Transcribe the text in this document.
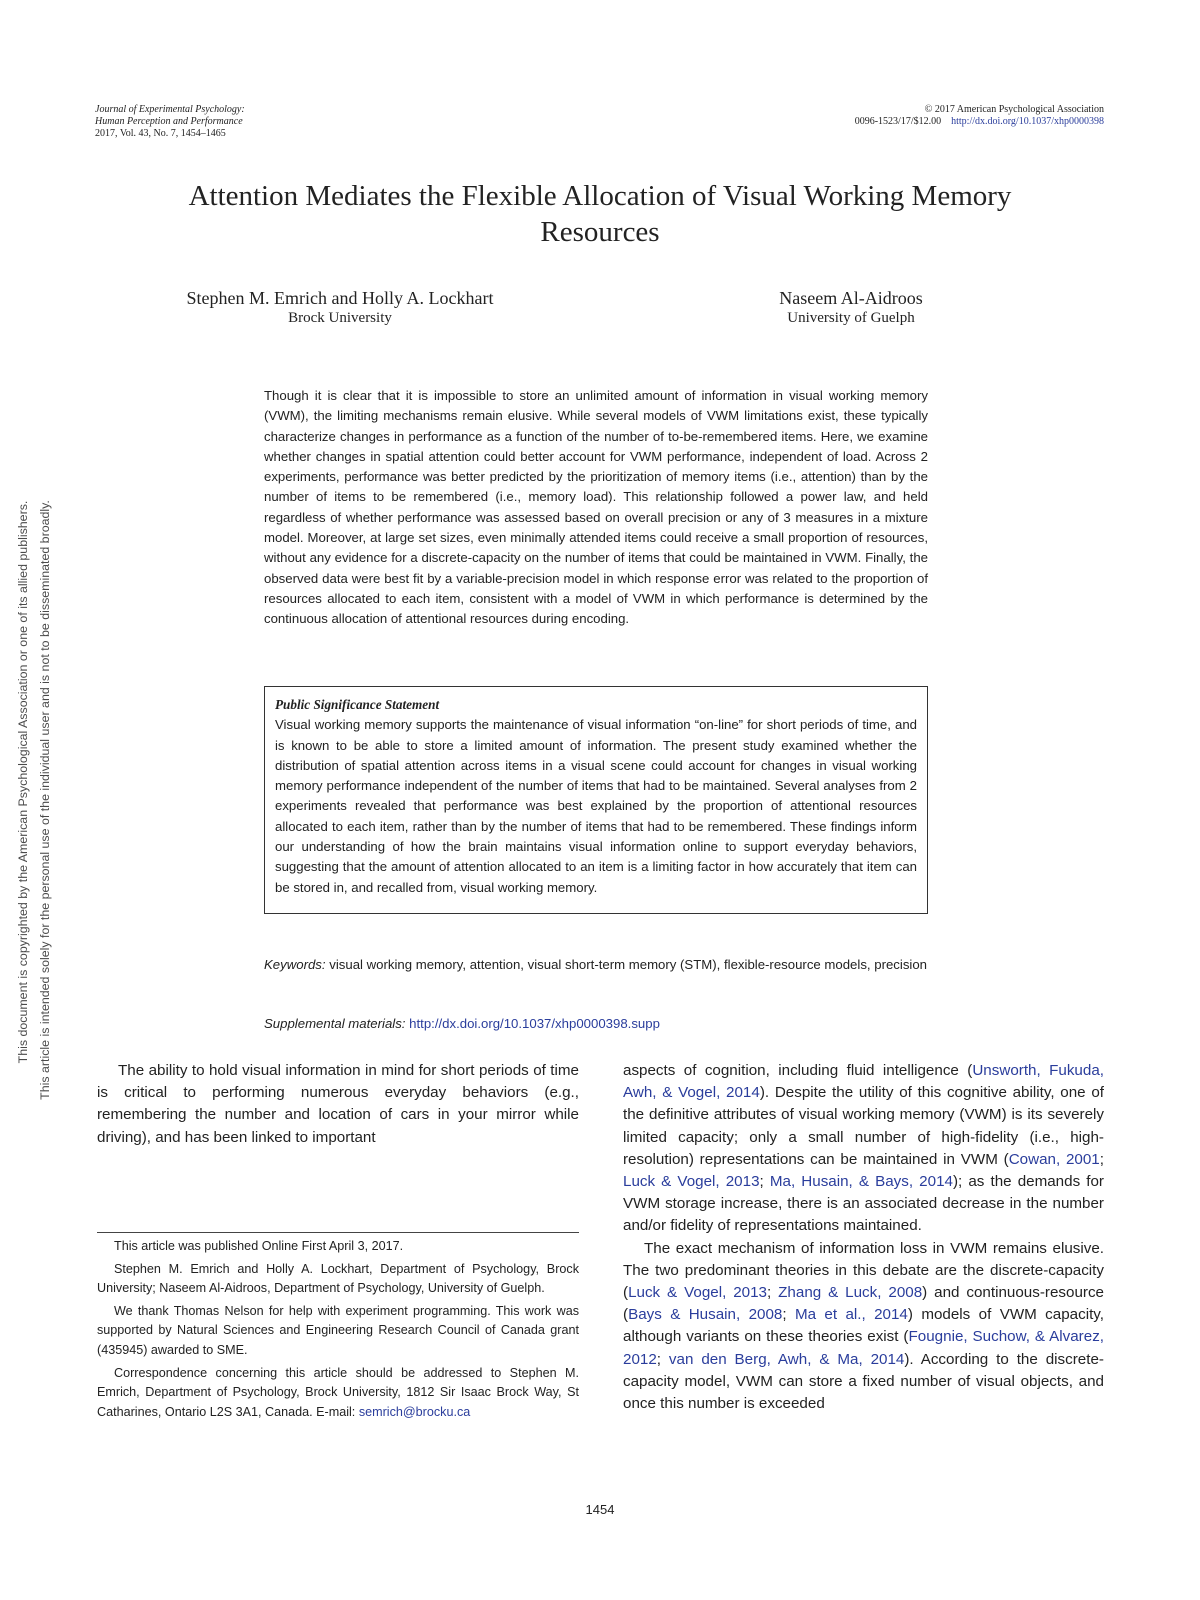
This document is copyrighted by the American Psychological Association or one of its allied publishers. This article is intended solely for the personal use of the individual user and is not to be disseminated broadly.
Journal of Experimental Psychology:
Human Perception and Performance
2017, Vol. 43, No. 7, 1454–1465
© 2017 American Psychological Association
0096-1523/17/$12.00 http://dx.doi.org/10.1037/xhp0000398
Attention Mediates the Flexible Allocation of Visual Working Memory Resources
Stephen M. Emrich and Holly A. Lockhart
Brock University
Naseem Al-Aidroos
University of Guelph
Though it is clear that it is impossible to store an unlimited amount of information in visual working memory (VWM), the limiting mechanisms remain elusive. While several models of VWM limitations exist, these typically characterize changes in performance as a function of the number of to-be-remembered items. Here, we examine whether changes in spatial attention could better account for VWM performance, independent of load. Across 2 experiments, performance was better predicted by the prioritization of memory items (i.e., attention) than by the number of items to be remembered (i.e., memory load). This relationship followed a power law, and held regardless of whether performance was assessed based on overall precision or any of 3 measures in a mixture model. Moreover, at large set sizes, even minimally attended items could receive a small proportion of resources, without any evidence for a discrete-capacity on the number of items that could be maintained in VWM. Finally, the observed data were best fit by a variable-precision model in which response error was related to the proportion of resources allocated to each item, consistent with a model of VWM in which performance is determined by the continuous allocation of attentional resources during encoding.
Public Significance Statement
Visual working memory supports the maintenance of visual information “on-line” for short periods of time, and is known to be able to store a limited amount of information. The present study examined whether the distribution of spatial attention across items in a visual scene could account for changes in visual working memory performance independent of the number of items that had to be maintained. Several analyses from 2 experiments revealed that performance was best explained by the proportion of attentional resources allocated to each item, rather than by the number of items that had to be remembered. These findings inform our understanding of how the brain maintains visual information online to support everyday behaviors, suggesting that the amount of attention allocated to an item is a limiting factor in how accurately that item can be stored in, and recalled from, visual working memory.
Keywords: visual working memory, attention, visual short-term memory (STM), flexible-resource models, precision
Supplemental materials: http://dx.doi.org/10.1037/xhp0000398.supp

The ability to hold visual information in mind for short periods of time is critical to performing numerous everyday behaviors (e.g., remembering the number and location of cars in your mirror while driving), and has been linked to important

This article was published Online First April 3, 2017.

Stephen M. Emrich and Holly A. Lockhart, Department of Psychology, Brock University; Naseem Al-Aidroos, Department of Psychology, University of Guelph.

We thank Thomas Nelson for help with experiment programming. This work was supported by Natural Sciences and Engineering Research Council of Canada grant (435945) awarded to SME.

Correspondence concerning this article should be addressed to Stephen M. Emrich, Department of Psychology, Brock University, 1812 Sir Isaac Brock Way, St Catharines, Ontario L2S 3A1, Canada. E-mail: semrich@brocku.ca

aspects of cognition, including fluid intelligence (Unsworth, Fukuda, Awh, & Vogel, 2014). Despite the utility of this cognitive ability, one of the definitive attributes of visual working memory (VWM) is its severely limited capacity; only a small number of high-fidelity (i.e., high-resolution) representations can be maintained in VWM (Cowan, 2001; Luck & Vogel, 2013; Ma, Husain, & Bays, 2014); as the demands for VWM storage increase, there is an associated decrease in the number and/or fidelity of representations maintained.

The exact mechanism of information loss in VWM remains elusive. The two predominant theories in this debate are the discrete-capacity (Luck & Vogel, 2013; Zhang & Luck, 2008) and continuous-resource (Bays & Husain, 2008; Ma et al., 2014) models of VWM capacity, although variants on these theories exist (Fougnie, Suchow, & Alvarez, 2012; van den Berg, Awh, & Ma, 2014). According to the discrete-capacity model, VWM can store a fixed number of visual objects, and once this number is exceeded

1454
